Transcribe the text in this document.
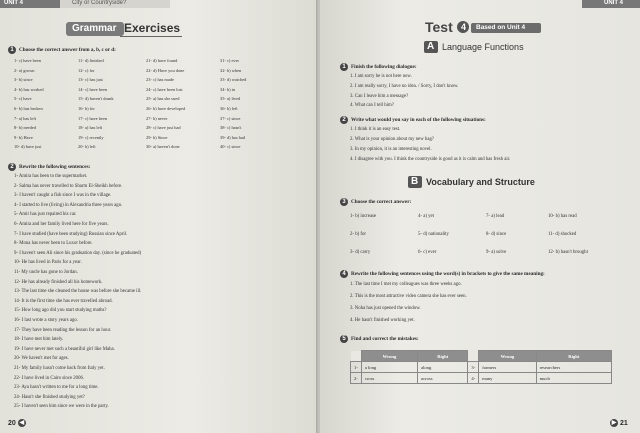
UNIT 4	City or Countryside?
Grammar Exercises
1 Choose the correct answer from a, b, c or d:
1- c) have been
2- a) grown
3- b) since
4- b) has worked
5- c) have
6- b) has broken
7- a) has left
8- b) needed
9- b) Have
10- d) have just
11- d) finished
12- c) for
13- c) has just
14- c) have been
15- d) haven't drunk
16- b) for
17- c) have been
18- a) has left
19- c) recently
20- b) left
21- d) have found
22- d) Have you done
23- c) has made
24- c) have been lost
25- a) has she used
26- b) have developed
27- b) never
28- c) have just had
29- b) Since
30- a) haven't done
31- c) ever
32- b) when
33- d) watched
34- b) in
35- a) lived
36- b) left
37- c) since
38- c) hasn't
39- d) has had
40- c) since
2 Rewrite the following sentences:
1- Amira has been to the supermarket.
2- Salma has never travelled to Sharm El-Sheikh before.
3- I haven't caught a fish since I was in the village.
4- I started to live (living) in Alexandria three years ago.
5- Amir has just repaired his car.
6- Amira and her family lived here for five years.
7- I have studied (have been studying) Russian since April.
8- Mona has never been to Luxor before.
9- I haven't seen Ali since his graduation day. (since he graduated)
10- He has lived in Paris for a year.
11- My uncle has gone to Jordan.
12- He has already finished all his homework.
13- The last time she cleaned the house was before she became ill.
14- It is the first time she has ever travelled abroad.
15- How long ago did you start studying maths?
16- I last wrote a story years ago.
17- They have been reading the lesson for an hour.
18- I have met him lately.
19- I have never met such a beautiful girl like Maha.
20- We haven't met for ages.
21- My family hasn't come back from Italy yet.
22- I have lived in Cairo since 2006.
23- Aya hasn't written to me for a long time.
24- Hasn't she finished studying yet?
25- I haven't seen him since we were in the party.
20 ◀
UNIT 4
Test 4 Based on Unit 4
A Language Functions
1 Finish the following dialogue:
1. I am sorry he is not here now.
2. I am really sorry, I have no idea. / Sorry, I don't know.
3. Can I leave him a message?
4. What can I tell him?
2 Write what would you say in each of the following situations:
1. I think it is an easy test.
2. What is your opinion about my new bag?
3. In my opinion, it is an interesting novel.
4. I disagree with you. I think the countryside is good as it is calm and has fresh air.
B Vocabulary and Structure
3 Choose the correct answer:
1- b) increase	4- a) yet	7- a) lead	10- b) has read
2- b) for	5- d) nationality	8- d) since	11- d) shocked
3- d) carry	6- c) ever	9- a) solve	12- b) hasn't brought
4 Rewrite the following sentences using the word(s) in brackets to give the same meaning:
1. The last time I met my colleagues was three weeks ago.
2. This is the most attractive video camera she has ever seen.
3. Noha has just opened the window.
4. He hasn't finished working yet.
5 Find and correct the mistakes:
	Wrong	Right		Wrong	Right
1-	a long	along	3-	farmers	researchers
2-	cross	across	4-	many	much
▶ 21
